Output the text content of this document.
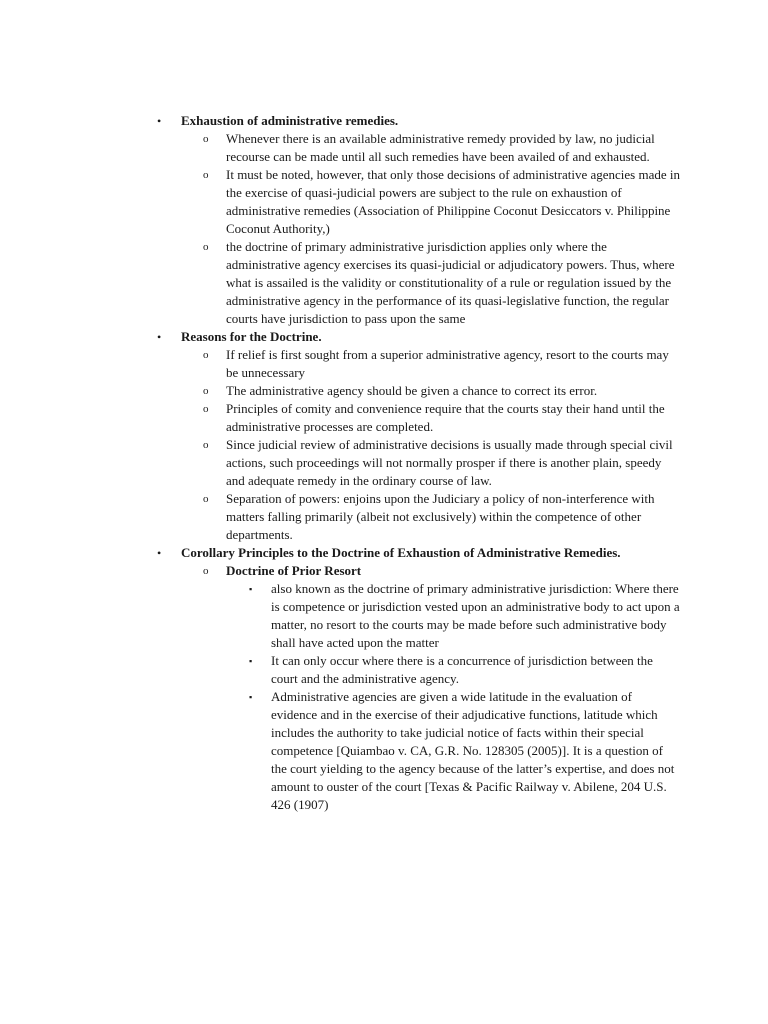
• Exhaustion of administrative remedies.
o Whenever there is an available administrative remedy provided by law, no judicial recourse can be made until all such remedies have been availed of and exhausted.
o It must be noted, however, that only those decisions of administrative agencies made in the exercise of quasi-judicial powers are subject to the rule on exhaustion of administrative remedies (Association of Philippine Coconut Desiccators v. Philippine Coconut Authority,)
o the doctrine of primary administrative jurisdiction applies only where the administrative agency exercises its quasi-judicial or adjudicatory powers. Thus, where what is assailed is the validity or constitutionality of a rule or regulation issued by the administrative agency in the performance of its quasi-legislative function, the regular courts have jurisdiction to pass upon the same
• Reasons for the Doctrine.
o If relief is first sought from a superior administrative agency, resort to the courts may be unnecessary
o The administrative agency should be given a chance to correct its error.
o Principles of comity and convenience require that the courts stay their hand until the administrative processes are completed.
o Since judicial review of administrative decisions is usually made through special civil actions, such proceedings will not normally prosper if there is another plain, speedy and adequate remedy in the ordinary course of law.
o Separation of powers: enjoins upon the Judiciary a policy of non-interference with matters falling primarily (albeit not exclusively) within the competence of other departments.
• Corollary Principles to the Doctrine of Exhaustion of Administrative Remedies.
o Doctrine of Prior Resort
▪ also known as the doctrine of primary administrative jurisdiction: Where there is competence or jurisdiction vested upon an administrative body to act upon a matter, no resort to the courts may be made before such administrative body shall have acted upon the matter
▪ It can only occur where there is a concurrence of jurisdiction between the court and the administrative agency.
▪ Administrative agencies are given a wide latitude in the evaluation of evidence and in the exercise of their adjudicative functions, latitude which includes the authority to take judicial notice of facts within their special competence [Quiambao v. CA, G.R. No. 128305 (2005)]. It is a question of the court yielding to the agency because of the latter’s expertise, and does not amount to ouster of the court [Texas & Pacific Railway v. Abilene, 204 U.S. 426 (1907)
